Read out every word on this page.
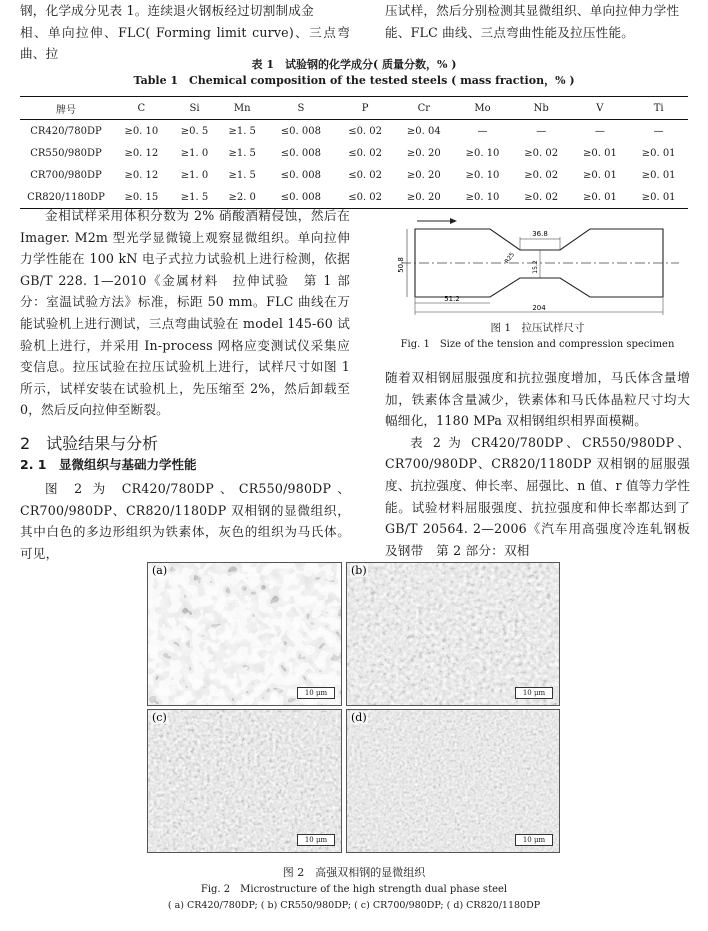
钢，化学成分见表 1。连续退火钢板经过切割制成金

相、单向拉伸、FLC( Forming limit curve)、三点弯曲、拉

压试样，然后分别检测其显微组织、单向拉伸力学性

能、FLC 曲线、三点弯曲性能及拉压性能。

表 1　试验钢的化学成分( 质量分数，% )
Table 1　Chemical composition of the tested steels ( mass fraction，% )
牌号	C	Si	Mn	S	P	Cr	Mo	Nb	V	Ti
CR420/780DP	≥0. 10	≥0. 5	≥1. 5	≤0. 008	≤0. 02	≥0. 04	—	—	—	—
CR550/980DP	≥0. 12	≥1. 0	≥1. 5	≤0. 008	≤0. 02	≥0. 20	≥0. 10	≥0. 02	≥0. 01	≥0. 01
CR700/980DP	≥0. 12	≥1. 0	≥1. 5	≤0. 008	≤0. 02	≥0. 20	≥0. 10	≥0. 02	≥0. 01	≥0. 01
CR820/1180DP	≥0. 15	≥1. 5	≥2. 0	≤0. 008	≤0. 02	≥0. 20	≥0. 10	≥0. 02	≥0. 01	≥0. 01

金相试样采用体积分数为 2% 硝酸酒精侵蚀，然后在 Imager. M2m 型光学显微镜上观察显微组织。单向拉伸力学性能在 100 kN 电子式拉力试验机上进行检测，依据 GB/T 228. 1—2010《金属材料　拉伸试验　第 1 部分：室温试验方法》标准，标距 50 mm。FLC 曲线在万能试验机上进行测试，三点弯曲试验在 model 145-60 试验机上进行，并采用 In-process 网格应变测试仪采集应变信息。拉压试验在拉压试验机上进行，试样尺寸如图 1 所示，试样安装在试验机上，先压缩至 2%，然后卸载至 0，然后反向拉伸至断裂。

2　试验结果与分析
2. 1　显微组织与基础力学性能

图 2 为 CR420/780DP、CR550/980DP、CR700/980DP、CR820/1180DP 双相钢的显微组织，其中白色的多边形组织为铁素体，灰色的组织为马氏体。可见，

36.8
50.8	15.2
R25
51.2
204
图 1　拉压试样尺寸
Fig. 1　Size of the tension and compression specimen

随着双相钢屈服强度和抗拉强度增加，马氏体含量增加，铁素体含量减少，铁素体和马氏体晶粒尺寸均大幅细化，1180 MPa 双相钢组织相界面模糊。

表 2 为 CR420/780DP、CR550/980DP、CR700/980DP、CR820/1180DP 双相钢的屈服强度、抗拉强度、伸长率、屈强比、n 值、r 值等力学性能。试验材料屈服强度、抗拉强度和伸长率都达到了 GB/T 20564. 2—2006《汽车用高强度冷连轧钢板及钢带　第 2 部分：双相

(a)
10 μm
(b)
10 μm
(c)
10 μm
(d)
10 μm
图 2　高强双相钢的显微组织
Fig. 2　Microstructure of the high strength dual phase steel
( a) CR420/780DP; ( b) CR550/980DP; ( c) CR700/980DP; ( d) CR820/1180DP
